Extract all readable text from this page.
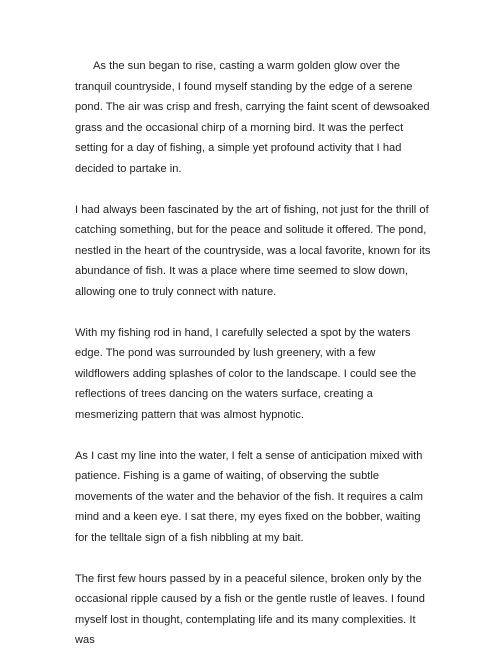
As the sun began to rise, casting a warm golden glow over the tranquil countryside, I found myself standing by the edge of a serene pond. The air was crisp and fresh, carrying the faint scent of dewsoaked grass and the occasional chirp of a morning bird. It was the perfect setting for a day of fishing, a simple yet profound activity that I had decided to partake in.

I had always been fascinated by the art of fishing, not just for the thrill of catching something, but for the peace and solitude it offered. The pond, nestled in the heart of the countryside, was a local favorite, known for its abundance of fish. It was a place where time seemed to slow down, allowing one to truly connect with nature.

With my fishing rod in hand, I carefully selected a spot by the waters edge. The pond was surrounded by lush greenery, with a few wildflowers adding splashes of color to the landscape. I could see the reflections of trees dancing on the waters surface, creating a mesmerizing pattern that was almost hypnotic.

As I cast my line into the water, I felt a sense of anticipation mixed with patience. Fishing is a game of waiting, of observing the subtle movements of the water and the behavior of the fish. It requires a calm mind and a keen eye. I sat there, my eyes fixed on the bobber, waiting for the telltale sign of a fish nibbling at my bait.

The first few hours passed by in a peaceful silence, broken only by the occasional ripple caused by a fish or the gentle rustle of leaves. I found myself lost in thought, contemplating life and its many complexities. It was
